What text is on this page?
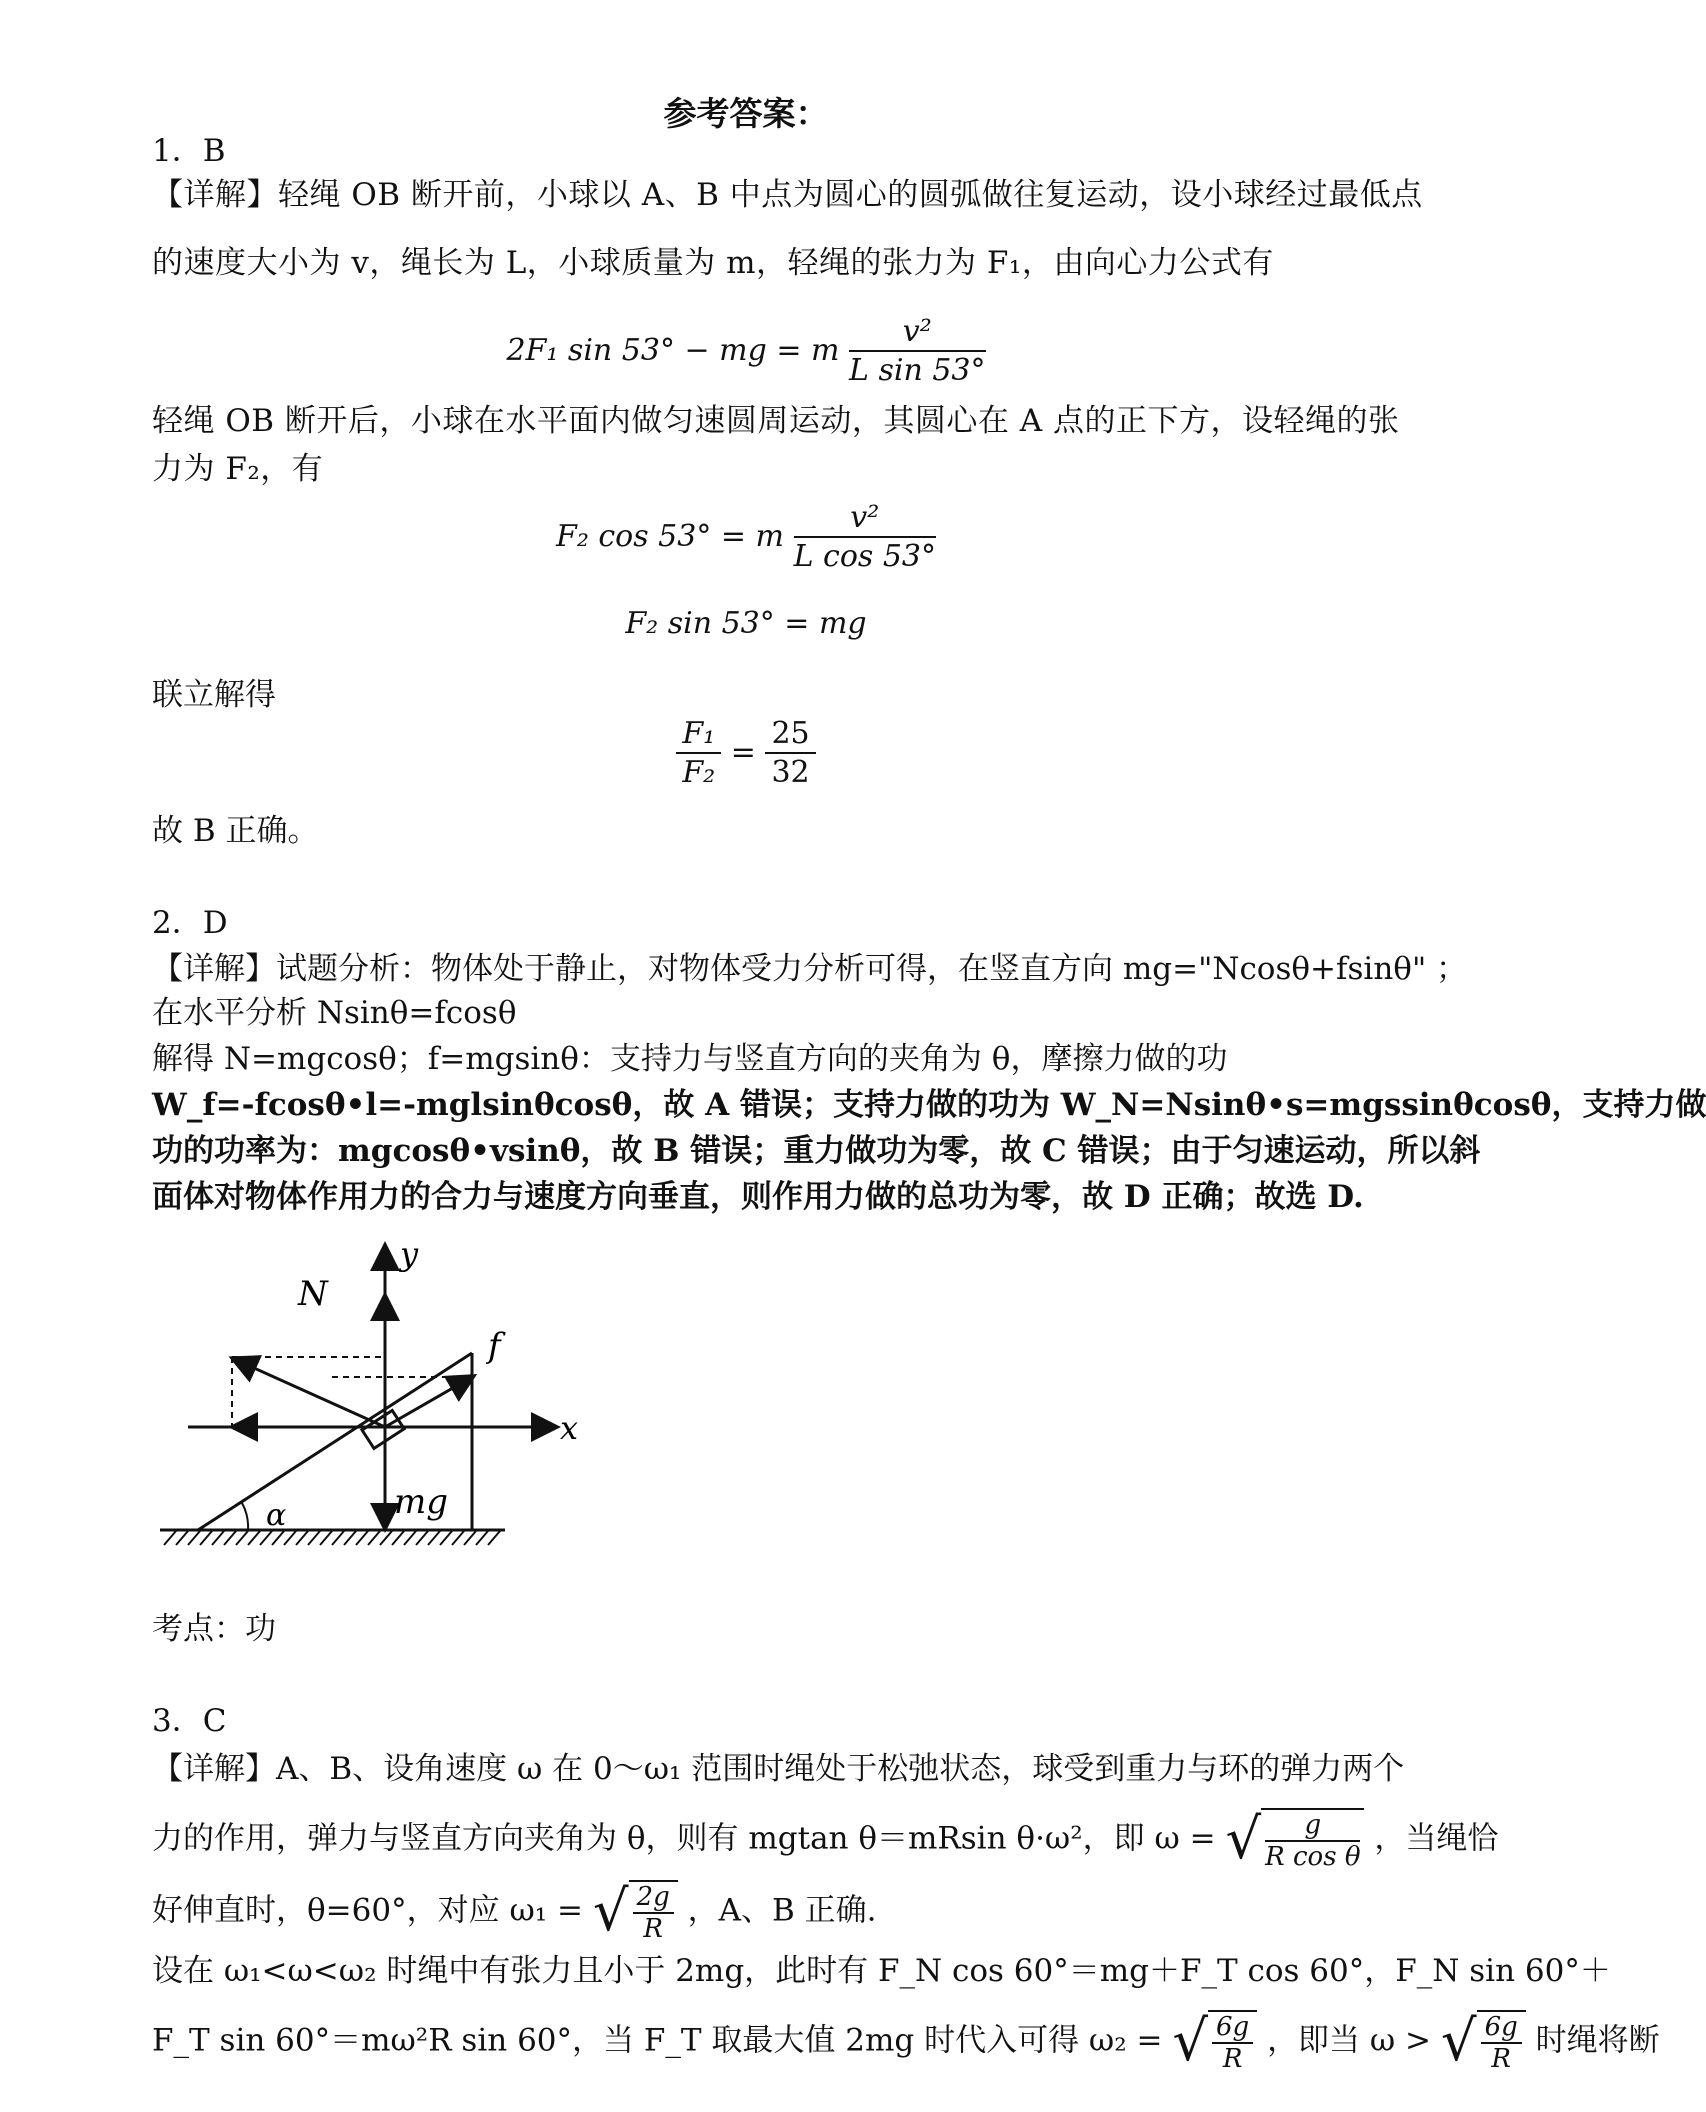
参考答案：
1．B
【详解】轻绳 OB 断开前，小球以 A、B 中点为圆心的圆弧做往复运动，设小球经过最低点
的速度大小为 v，绳长为 L，小球质量为 m，轻绳的张力为 F₁，由向心力公式有
2F₁ sin 53° − mg = m $\frac{\text{v²}}{\text{L sin 53°}}$
轻绳 OB 断开后，小球在水平面内做匀速圆周运动，其圆心在 A 点的正下方，设轻绳的张
力为 F₂，有
F₂ cos 53° = m $\frac{\text{v²}}{\text{L cos 53°}}$
F₂ sin 53° = mg
联立解得
$\frac{\text{F₁}}{\text{F₂}} = \frac{25}{32}$
故 B 正确。
2．D
【详解】试题分析：物体处于静止，对物体受力分析可得，在竖直方向 mg="Ncosθ+fsinθ" ；
在水平分析 Nsinθ=fcosθ
解得 N=mgcosθ；f=mgsinθ：支持力与竖直方向的夹角为 θ，摩擦力做的功
W_f=-fcosθ•l=-mglsinθcosθ，故 A 错误；支持力做的功为 W_N=Nsinθ•s=mgssinθcosθ，支持力做
功的功率为：mgcosθ•vsinθ，故 B 错误；重力做功为零，故 C 错误；由于匀速运动，所以斜
面体对物体作用力的合力与速度方向垂直，则作用力做的总功为零，故 D 正确；故选 D.
N
y
f
x
mg
α
考点：功
3．C
【详解】A、B、设角速度 ω 在 0～ω₁ 范围时绳处于松弛状态，球受到重力与环的弹力两个
力的作用，弹力与竖直方向夹角为 θ，则有 mgtan θ＝mRsin θ·ω²，即 ω = √ $\frac{g}{\text{R cos θ}}$ ，当绳恰
好伸直时，θ=60°，对应 ω₁ = √ $\frac{2g}{R}$ ，A、B 正确.
设在 ω₁<ω<ω₂ 时绳中有张力且小于 2mg，此时有 F_N cos 60°＝mg＋F_T cos 60°，F_N sin 60°＋
F_T sin 60°＝mω²R sin 60°，当 F_T 取最大值 2mg 时代入可得 ω₂ = √ $\frac{6g}{R}$ ，即当 ω > √ $\frac{6g}{R}$ 时绳将断
